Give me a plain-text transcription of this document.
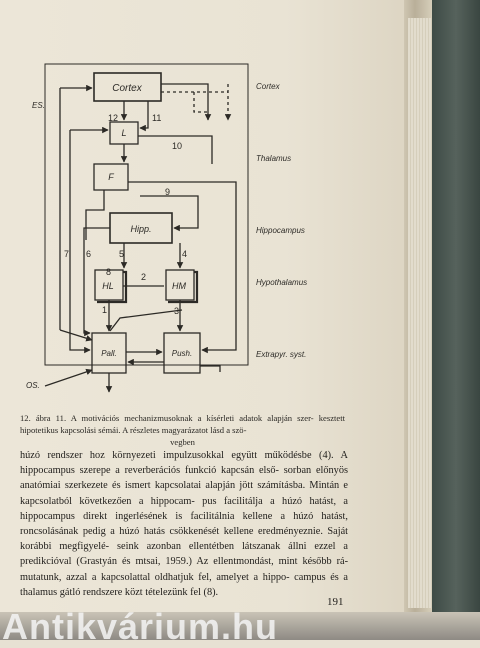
Cortex
L
F
Hipp.
HL	HM
Pall.	Push.
ES.
OS.
12	11
10
9
7 6	5	4
2
1	3
8
Cortex
Thalamus
Hippocampus
Hypothalamus
Extrapyr. syst.
12. ábra 11. A motivációs mechanizmusoknak a kísérleti adatok alapján szer- kesztett hipotetikus kapcsolási sémái. A részletes magyarázatot lásd a szö-
vegben

húzó rendszer hoz környezeti impulzusokkal együtt működésbe (4). A hippocampus szerepe a reverberációs funkció kapcsán első- sorban előnyös anatómiai szerkezete és ismert kapcsolatai alapján jött számításba. Mintán e kapcsolatból következően a hippocam- pus facilitálja a húzó hatást, a hippocampus direkt ingerlésének is facilitálnia kellene a húzó hatást, roncsolásának pedig a húzó hatás csökkenését kellene eredményeznie. Saját korábbi megfigyelé- seink azonban ellentétben látszanak állni ezzel a predikcióval (Grastyán és mtsai, 1959.) Az ellentmondást, mint később rá- mutatunk, azzal a kapcsolattal oldhatjuk fel, amelyet a hippo- campus és a thalamus gátló rendszere közt tételezünk fel (8).

191
Antikvárium.hu
